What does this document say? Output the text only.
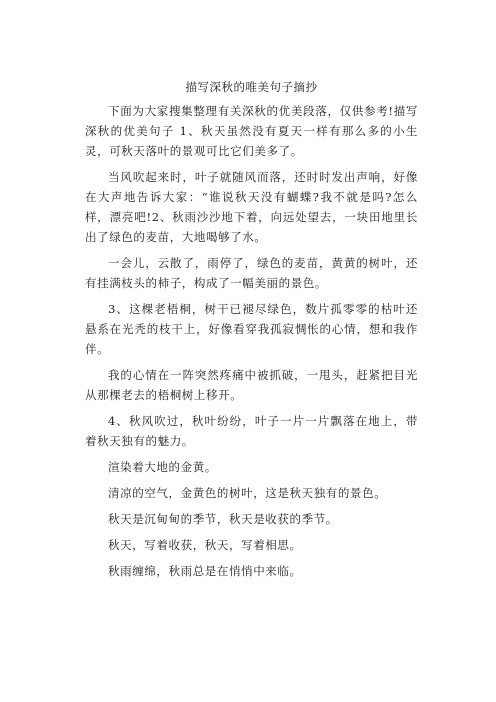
描写深秋的唯美句子摘抄

下面为大家搜集整理有关深秋的优美段落，仅供参考!描写深秋的优美句子 1、秋天虽然没有夏天一样有那么多的小生灵，可秋天落叶的景观可比它们美多了。

当风吹起来时，叶子就随风而落，还时时发出声响，好像在大声地告诉大家：“谁说秋天没有蝴蝶?我不就是吗?怎么样，漂亮吧!2、秋雨沙沙地下着，向远处望去，一块田地里长出了绿色的麦苗，大地喝够了水。

一会儿，云散了，雨停了，绿色的麦苗，黄黄的树叶，还有挂满枝头的柿子，构成了一幅美丽的景色。

3、这棵老梧桐，树干已褪尽绿色，数片孤零零的枯叶还悬系在光秃的枝干上，好像看穿我孤寂惆怅的心情，想和我作伴。

我的心情在一阵突然疼痛中被抓破，一甩头，赶紧把目光从那棵老去的梧桐树上移开。

4、秋风吹过，秋叶纷纷，叶子一片一片飘落在地上，带着秋天独有的魅力。

渲染着大地的金黄。

清凉的空气，金黄色的树叶，这是秋天独有的景色。

秋天是沉甸甸的季节，秋天是收获的季节。

秋天，写着收获，秋天，写着相思。

秋雨缠绵，秋雨总是在悄悄中来临。
